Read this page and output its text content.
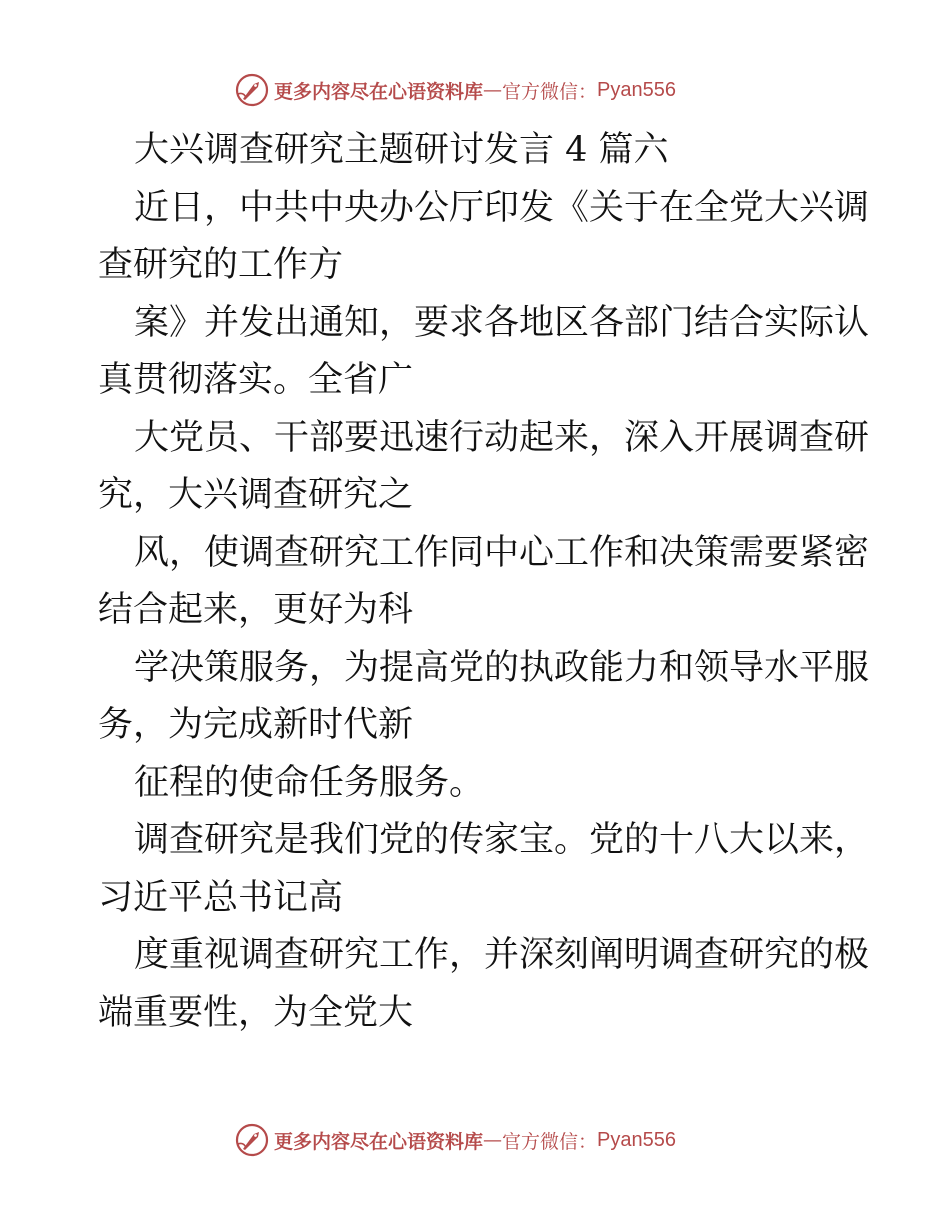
更多内容尽在心语资料库 — 官方微信： Pyan556
大兴调查研究主题研讨发言 4 篇六
近日，中共中央办公厅印发《关于在全党大兴调
查研究的工作方
案》并发出通知，要求各地区各部门结合实际认
真贯彻落实。全省广
大党员、干部要迅速行动起来，深入开展调查研
究，大兴调查研究之
风，使调查研究工作同中心工作和决策需要紧密
结合起来，更好为科
学决策服务，为提高党的执政能力和领导水平服
务，为完成新时代新
征程的使命任务服务。
调查研究是我们党的传家宝。党的十八大以来，
习近平总书记高
度重视调查研究工作，并深刻阐明调查研究的极
端重要性，为全党大
更多内容尽在心语资料库 — 官方微信： Pyan556
